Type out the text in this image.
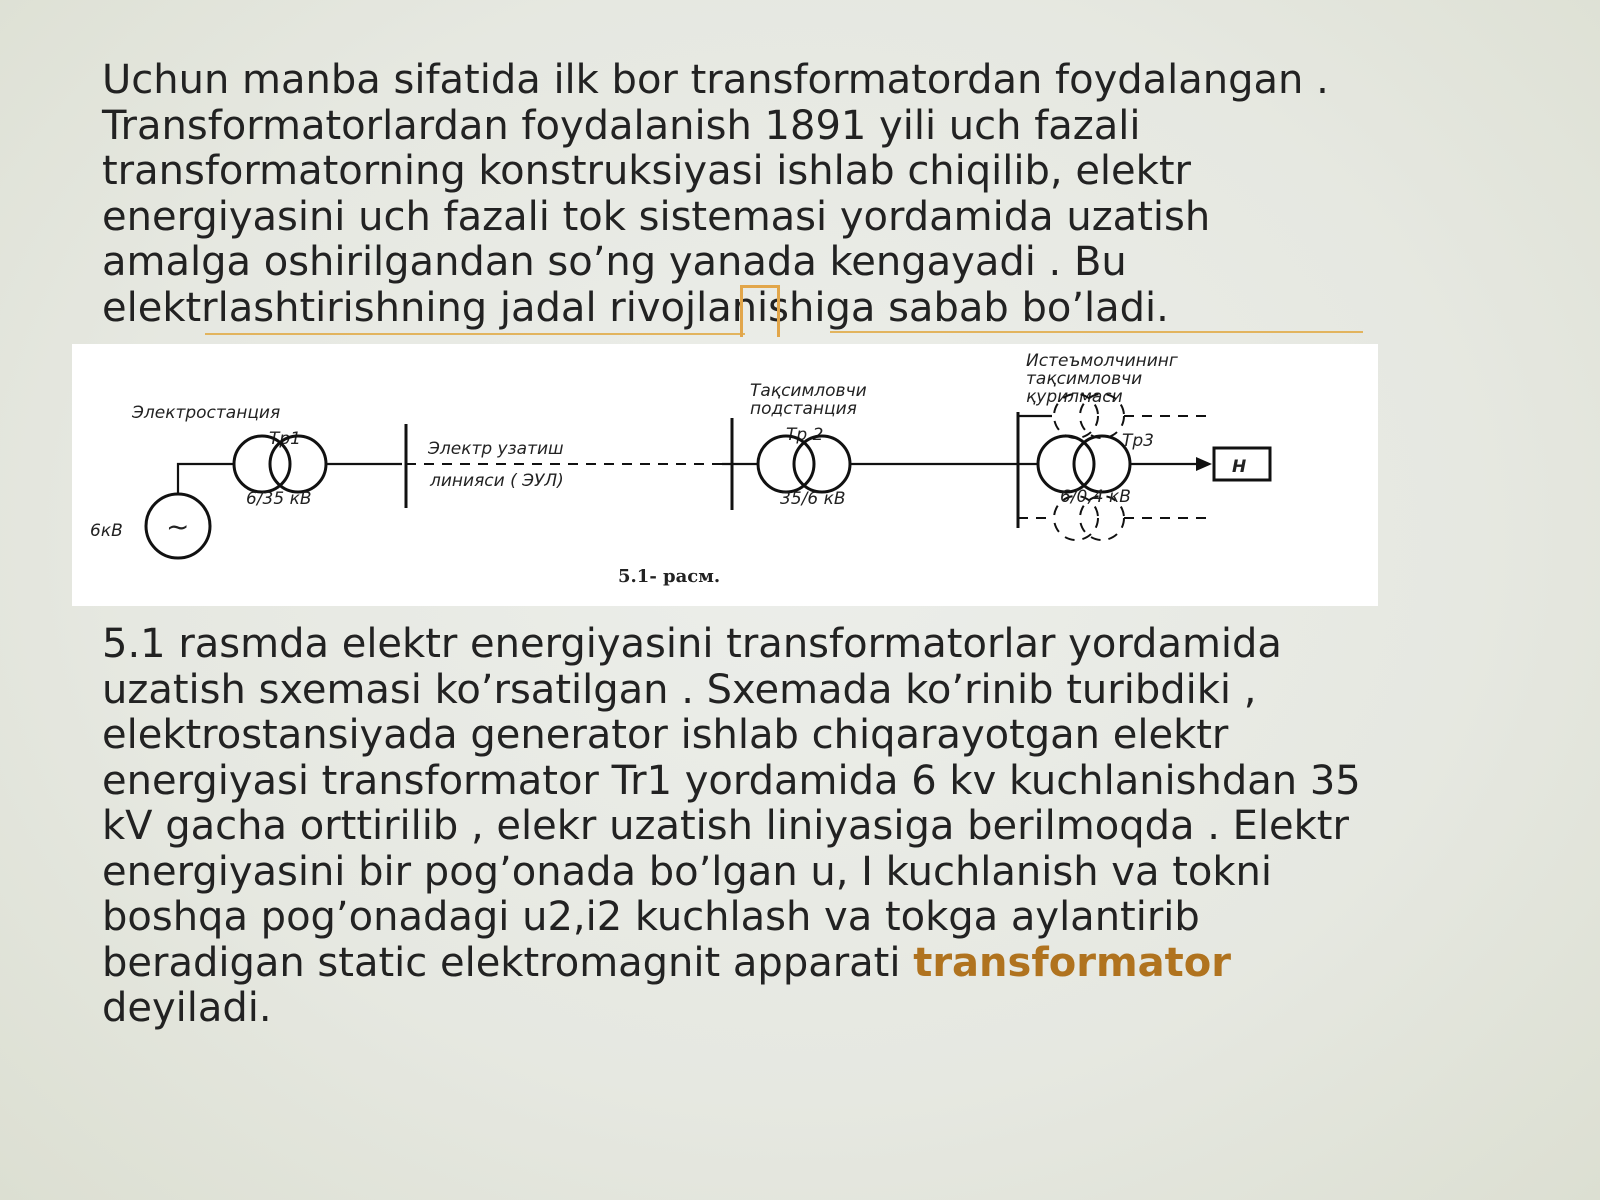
Uchun manba sifatida ilk bor transformatordan foydalangan . Transformatorlardan foydalanish 1891 yili uch fazali transformatorning konstruksiyasi ishlab chiqilib, elektr energiyasini uch fazali tok sistemasi yordamida uzatish amalga oshirilgandan so’ng yanada kengayadi . Bu elektrlashtirishning jadal rivojlanishiga sabab bo’ladi.
~
6кВ
Электростанция
Тр1
6/35 кВ
Электр узатиш
линияси ( ЭУЛ)
Тақсимловчи
подстанция
Тр 2
35/6 кВ
Истеъмолчининг
тақсимловчи
қурилмаси
Тр3
6/0,4 кВ
Н
5.1- расм.
5.1 rasmda elektr energiyasini transformatorlar yordamida uzatish sxemasi ko’rsatilgan . Sxemada ko’rinib turibdiki , elektrostansiyada generator ishlab chiqarayotgan elektr energiyasi transformator Tr1 yordamida 6 kv kuchlanishdan 35 kV gacha orttirilib , elekr uzatish liniyasiga berilmoqda . Elektr energiyasini bir pog’onada bo’lgan u, I kuchlanish va tokni boshqa pog’onadagi u2,i2 kuchlash va tokga aylantirib beradigan static elektromagnit apparati transformator deyiladi.
